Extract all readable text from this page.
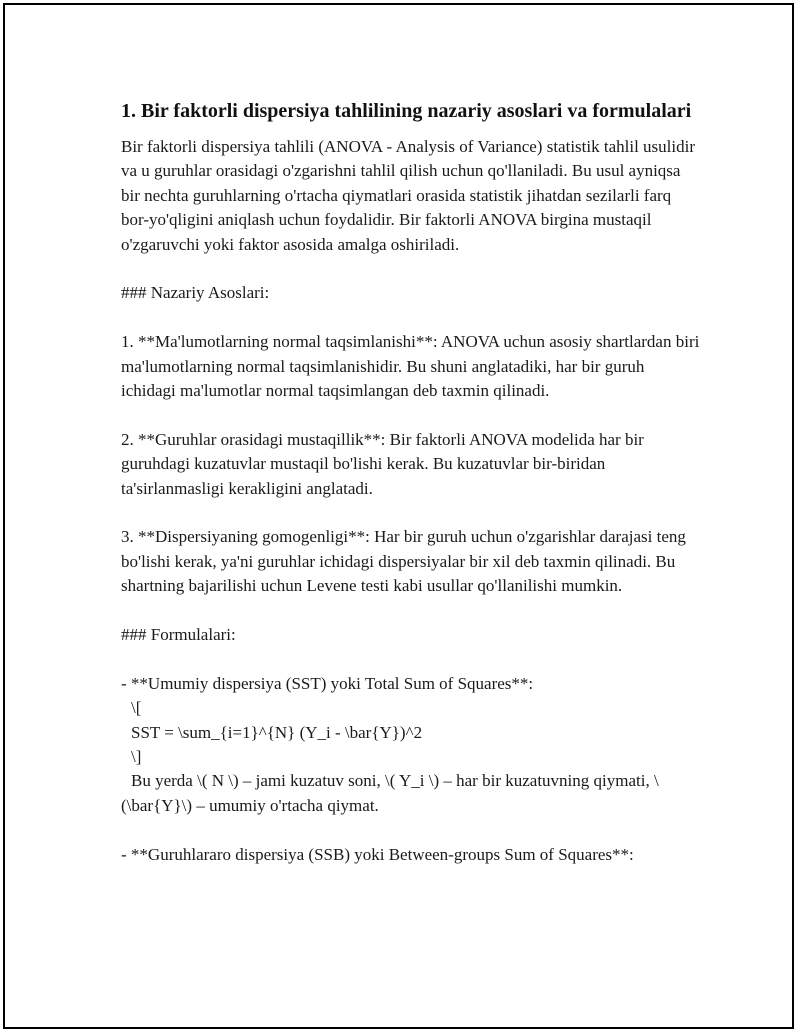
1. Bir faktorli dispersiya tahlilining nazariy asoslari va formulalari

Bir faktorli dispersiya tahlili (ANOVA - Analysis of Variance) statistik tahlil usulidir va u guruhlar orasidagi o'zgarishni tahlil qilish uchun qo'llaniladi. Bu usul ayniqsa bir nechta guruhlarning o'rtacha qiymatlari orasida statistik jihatdan sezilarli farq bor-yo'qligini aniqlash uchun foydalidir. Bir faktorli ANOVA birgina mustaqil o'zgaruvchi yoki faktor asosida amalga oshiriladi.

### Nazariy Asoslari:

1. **Ma'lumotlarning normal taqsimlanishi**: ANOVA uchun asosiy shartlardan biri ma'lumotlarning normal taqsimlanishidir. Bu shuni anglatadiki, har bir guruh ichidagi ma'lumotlar normal taqsimlangan deb taxmin qilinadi.

2. **Guruhlar orasidagi mustaqillik**: Bir faktorli ANOVA modelida har bir guruhdagi kuzatuvlar mustaqil bo'lishi kerak. Bu kuzatuvlar bir-biridan ta'sirlanmasligi kerakligini anglatadi.

3. **Dispersiyaning gomogenligi**: Har bir guruh uchun o'zgarishlar darajasi teng bo'lishi kerak, ya'ni guruhlar ichidagi dispersiyalar bir xil deb taxmin qilinadi. Bu shartning bajarilishi uchun Levene testi kabi usullar qo'llanilishi mumkin.

### Formulalari:

- **Umumiy dispersiya (SST) yoki Total Sum of Squares**:

\[

SST = \sum_{i=1}^{N} (Y_i - \bar{Y})^2

\]

Bu yerda \( N \) – jami kuzatuv soni, \( Y_i \) – har bir kuzatuvning qiymati, \(\bar{Y}\) – umumiy o'rtacha qiymat.

- **Guruhlararo dispersiya (SSB) yoki Between-groups Sum of Squares**:
